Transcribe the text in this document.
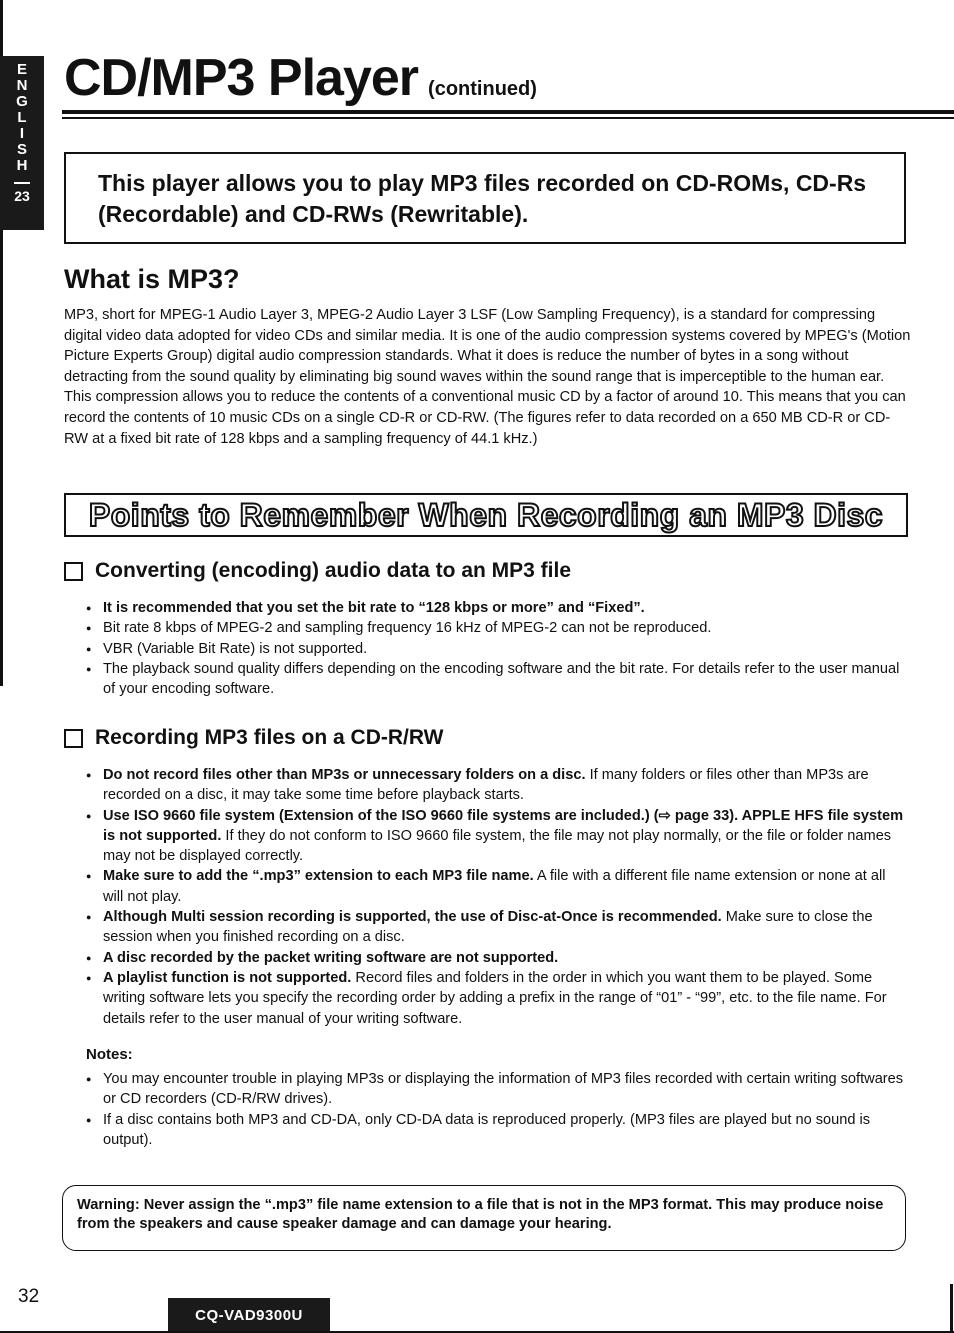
E
N
G
L
I
S
H
23
CD/MP3 Player (continued)
This player allows you to play MP3 files recorded on CD-ROMs, CD-Rs (Recordable) and CD-RWs (Rewritable).
What is MP3?
MP3, short for MPEG-1 Audio Layer 3, MPEG-2 Audio Layer 3 LSF (Low Sampling Frequency), is a standard for compressing digital video data adopted for video CDs and similar media. It is one of the audio compression systems covered by MPEG's (Motion Picture Experts Group) digital audio compression standards. What it does is reduce the number of bytes in a song without detracting from the sound quality by eliminating big sound waves within the sound range that is imperceptible to the human ear. This compression allows you to reduce the contents of a conventional music CD by a factor of around 10. This means that you can record the contents of 10 music CDs on a single CD-R or CD-RW. (The figures refer to data recorded on a 650 MB CD-R or CD-RW at a fixed bit rate of 128 kbps and a sampling frequency of 44.1 kHz.)
Points to Remember When Recording an MP3 Disc
Converting (encoding) audio data to an MP3 file
● It is recommended that you set the bit rate to “128 kbps or more” and “Fixed”.
● Bit rate 8 kbps of MPEG-2 and sampling frequency 16 kHz of MPEG-2 can not be reproduced.
● VBR (Variable Bit Rate) is not supported.
● The playback sound quality differs depending on the encoding software and the bit rate. For details refer to the user manual of your encoding software.
Recording MP3 files on a CD-R/RW
● Do not record files other than MP3s or unnecessary folders on a disc. If many folders or files other than MP3s are recorded on a disc, it may take some time before playback starts.
● Use ISO 9660 file system (Extension of the ISO 9660 file systems are included.) (⇨ page 33). APPLE HFS file system is not supported. If they do not conform to ISO 9660 file system, the file may not play normally, or the file or folder names may not be displayed correctly.
● Make sure to add the “.mp3” extension to each MP3 file name. A file with a different file name extension or none at all will not play.
● Although Multi session recording is supported, the use of Disc-at-Once is recommended. Make sure to close the session when you finished recording on a disc.
● A disc recorded by the packet writing software are not supported.
● A playlist function is not supported. Record files and folders in the order in which you want them to be played. Some writing software lets you specify the recording order by adding a prefix in the range of “01” - “99”, etc. to the file name. For details refer to the user manual of your writing software.
Notes:
● You may encounter trouble in playing MP3s or displaying the information of MP3 files recorded with certain writing softwares or CD recorders (CD-R/RW drives).
● If a disc contains both MP3 and CD-DA, only CD-DA data is reproduced properly. (MP3 files are played but no sound is output).
Warning: Never assign the “.mp3” file name extension to a file that is not in the MP3 format. This may produce noise from the speakers and cause speaker damage and can damage your hearing.
32
CQ-VAD9300U
